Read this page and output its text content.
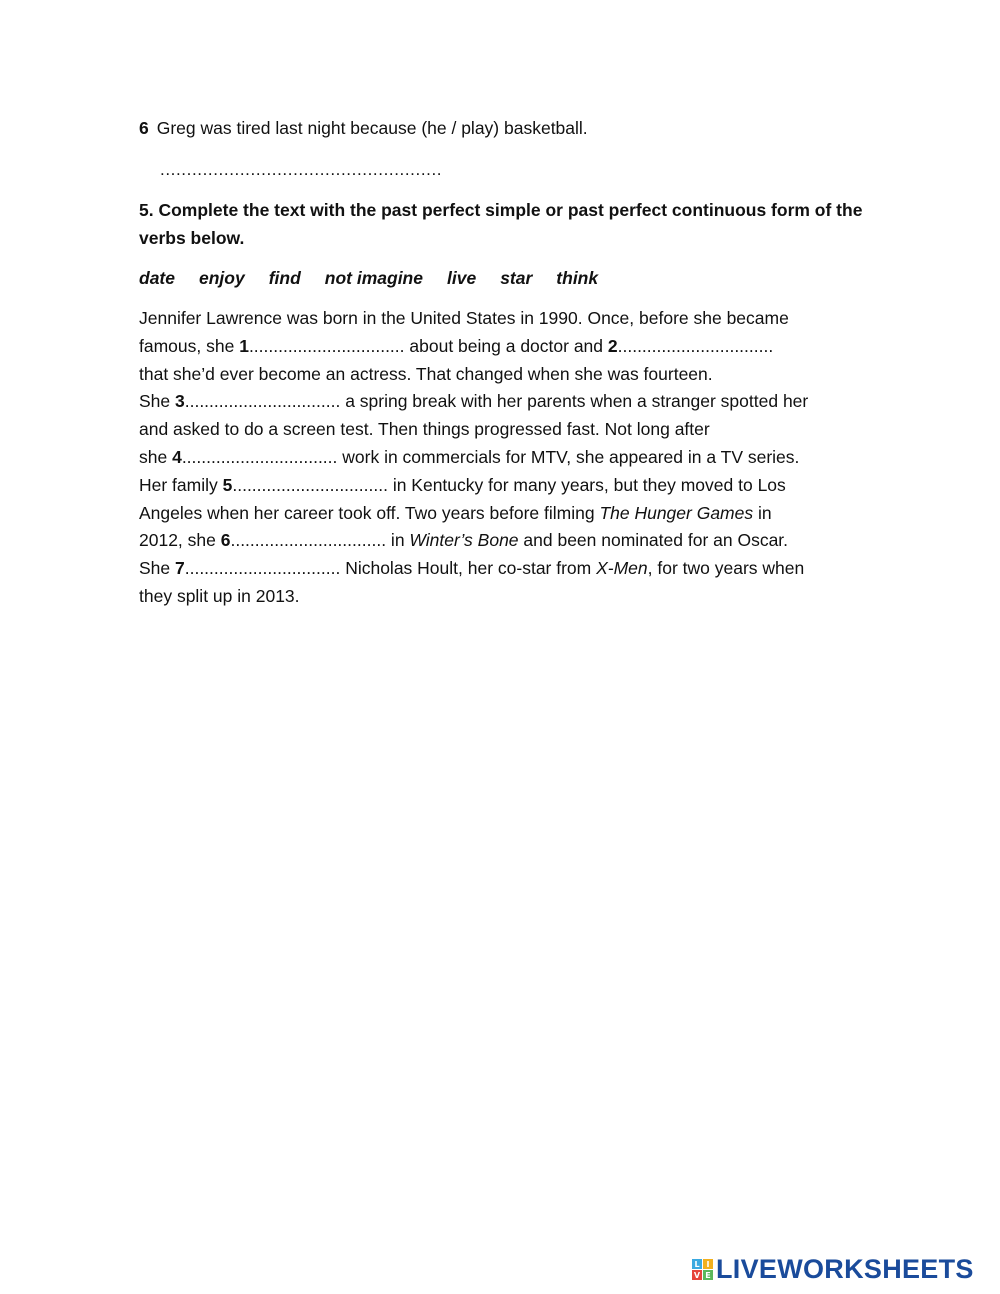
6 Greg was tired last night because (he / play) basketball.
.....................................................
5. Complete the text with the past perfect simple or past perfect continuous form of the verbs below.
date enjoy find not imagine live star think
Jennifer Lawrence was born in the United States in 1990. Once, before she became
famous, she 1................................ about being a doctor and 2................................
that she’d ever become an actress. That changed when she was fourteen.
She 3................................ a spring break with her parents when a stranger spotted her
and asked to do a screen test. Then things progressed fast. Not long after
she 4................................ work in commercials for MTV, she appeared in a TV series.
Her family 5................................ in Kentucky for many years, but they moved to Los
Angeles when her career took off. Two years before filming The Hunger Games in
2012, she 6................................ in Winter’s Bone and been nominated for an Oscar.
She 7................................ Nicholas Hoult, her co-star from X-Men, for two years when
they split up in 2013.
L I
V E LIVEWORKSHEETS
